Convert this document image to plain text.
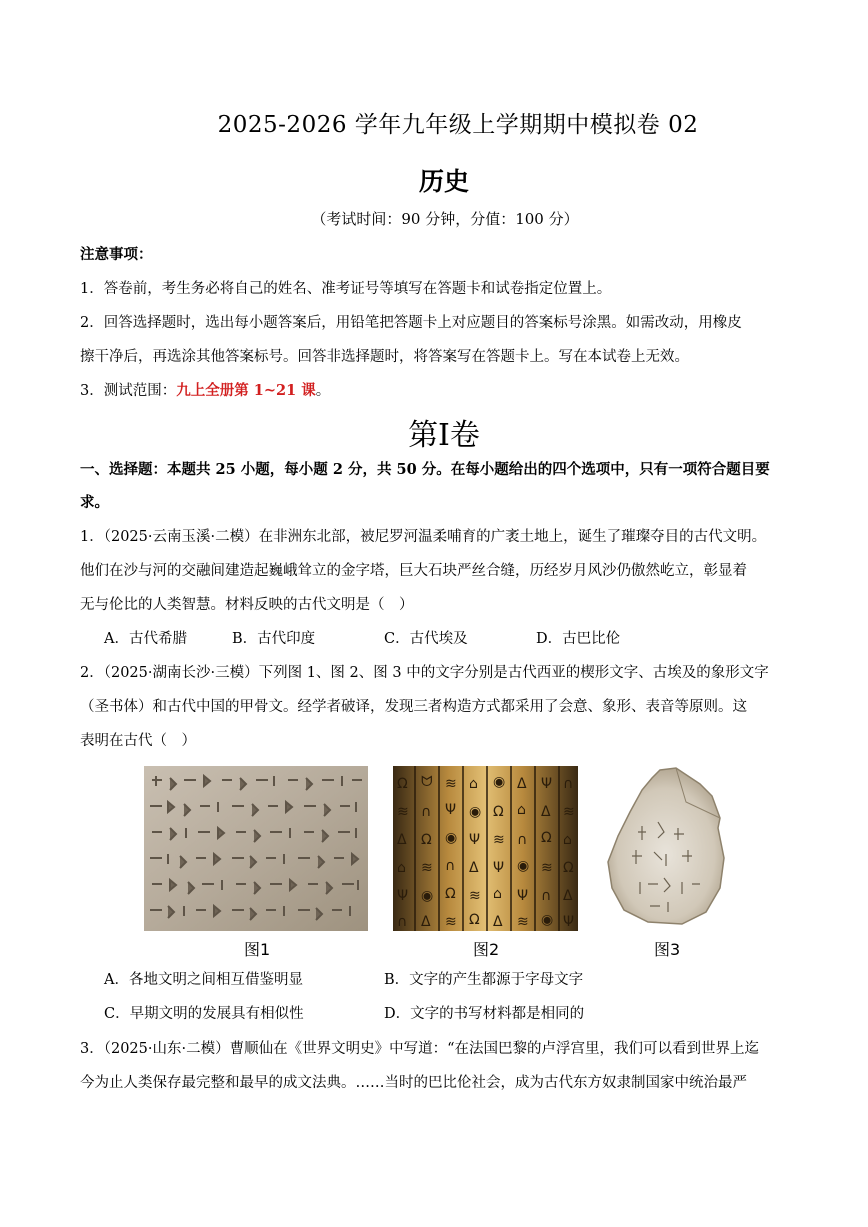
2025-2026 学年九年级上学期期中模拟卷 02
历史
（考试时间：90 分钟，分值：100 分）
注意事项：
1．答卷前，考生务必将自己的姓名、准考证号等填写在答题卡和试卷指定位置上。
2．回答选择题时，选出每小题答案后，用铅笔把答题卡上对应题目的答案标号涂黑。如需改动，用橡皮
擦干净后，再选涂其他答案标号。回答非选择题时，将答案写在答题卡上。写在本试卷上无效。
3．测试范围：九上全册第 1~21 课。
第I卷
一、选择题：本题共 25 小题，每小题 2 分，共 50 分。在每小题给出的四个选项中，只有一项符合题目要
求。
1．（2025·云南玉溪·二模）在非洲东北部，被尼罗河温柔哺育的广袤土地上，诞生了璀璨夺目的古代文明。
他们在沙与河的交融间建造起巍峨耸立的金字塔，巨大石块严丝合缝，历经岁月风沙仍傲然屹立，彰显着
无与伦比的人类智慧。材料反映的古代文明是（　）
A．古代希腊	B．古代印度	C．古代埃及	D．古巴比伦
2．（2025·湖南长沙·三模）下列图 1、图 2、图 3 中的文字分别是古代西亚的楔形文字、古埃及的象形文字
（圣书体）和古代中国的甲骨文。经学者破译，发现三者构造方式都采用了会意、象形、表音等原则。这
表明在古代（　）
Ω ᗢ ≋ ⌂ ◉ ᐃ Ψ ∩
≋ ∩ Ψ ◉ Ω ⌂ ᐃ ≋
ᐃ Ω ◉ Ψ ≋ ∩ Ω ⌂
⌂ ≋ ∩ ᐃ Ψ ◉ ≋ Ω
Ψ ◉ Ω ≋ ⌂ Ψ ∩ ᐃ
∩ ᐃ ≋ Ω ᐃ ≋ ◉ Ψ
图1	图2	图3
A．各地文明之间相互借鉴明显	B．文字的产生都源于字母文字
C．早期文明的发展具有相似性	D．文字的书写材料都是相同的
3．（2025·山东·二模）曹顺仙在《世界文明史》中写道：“在法国巴黎的卢浮宫里，我们可以看到世界上迄
今为止人类保存最完整和最早的成文法典。……当时的巴比伦社会，成为古代东方奴隶制国家中统治最严
